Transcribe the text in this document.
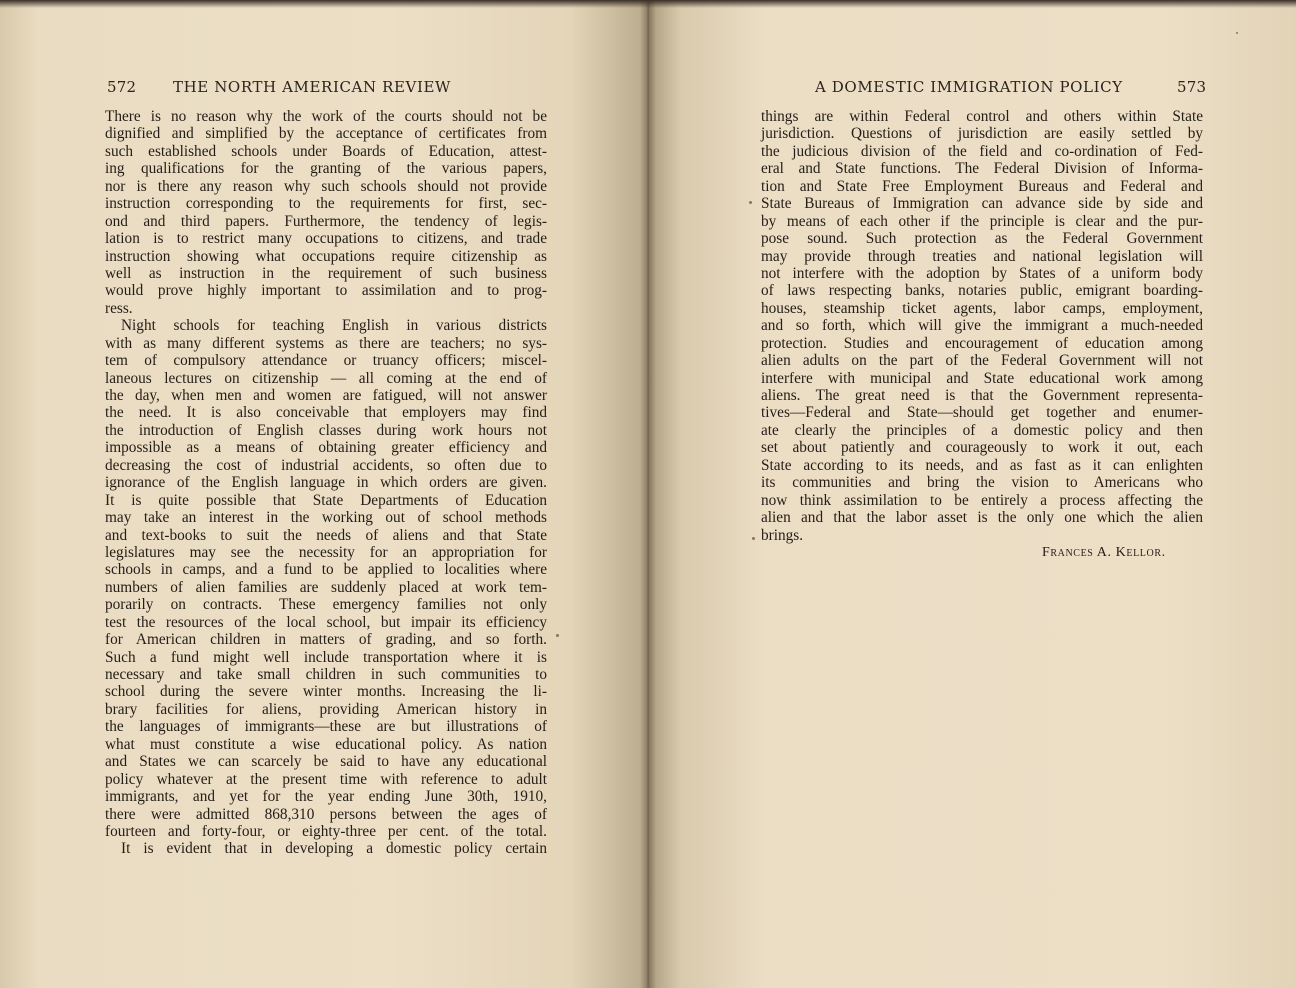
572 THE NORTH AMERICAN REVIEW	A DOMESTIC IMMIGRATION POLICY	573
There is no reason why the work of the courts should not be
dignified and simplified by the acceptance of certificates from
such established schools under Boards of Education, attest-
ing qualifications for the granting of the various papers,
nor is there any reason why such schools should not provide
instruction corresponding to the requirements for first, sec-
ond and third papers. Furthermore, the tendency of legis-
lation is to restrict many occupations to citizens, and trade
instruction showing what occupations require citizenship as
well as instruction in the requirement of such business
would prove highly important to assimilation and to prog-
ress.
Night schools for teaching English in various districts
with as many different systems as there are teachers; no sys-
tem of compulsory attendance or truancy officers; miscel-
laneous lectures on citizenship — all coming at the end of
the day, when men and women are fatigued, will not answer
the need. It is also conceivable that employers may find
the introduction of English classes during work hours not
impossible as a means of obtaining greater efficiency and
decreasing the cost of industrial accidents, so often due to
ignorance of the English language in which orders are given.
It is quite possible that State Departments of Education
may take an interest in the working out of school methods
and text-books to suit the needs of aliens and that State
legislatures may see the necessity for an appropriation for
schools in camps, and a fund to be applied to localities where
numbers of alien families are suddenly placed at work tem-
porarily on contracts. These emergency families not only
test the resources of the local school, but impair its efficiency
for American children in matters of grading, and so forth.
Such a fund might well include transportation where it is
necessary and take small children in such communities to
school during the severe winter months. Increasing the li-
brary facilities for aliens, providing American history in
the languages of immigrants—these are but illustrations of
what must constitute a wise educational policy. As nation
and States we can scarcely be said to have any educational
policy whatever at the present time with reference to adult
immigrants, and yet for the year ending June 30th, 1910,
there were admitted 868,310 persons between the ages of
fourteen and forty-four, or eighty-three per cent. of the total.
It is evident that in developing a domestic policy certain
things are within Federal control and others within State
jurisdiction. Questions of jurisdiction are easily settled by
the judicious division of the field and co-ordination of Fed-
eral and State functions. The Federal Division of Informa-
tion and State Free Employment Bureaus and Federal and
State Bureaus of Immigration can advance side by side and
by means of each other if the principle is clear and the pur-
pose sound. Such protection as the Federal Government
may provide through treaties and national legislation will
not interfere with the adoption by States of a uniform body
of laws respecting banks, notaries public, emigrant boarding-
houses, steamship ticket agents, labor camps, employment,
and so forth, which will give the immigrant a much-needed
protection. Studies and encouragement of education among
alien adults on the part of the Federal Government will not
interfere with municipal and State educational work among
aliens. The great need is that the Government representa-
tives—Federal and State—should get together and enumer-
ate clearly the principles of a domestic policy and then
set about patiently and courageously to work it out, each
State according to its needs, and as fast as it can enlighten
its communities and bring the vision to Americans who
now think assimilation to be entirely a process affecting the
alien and that the labor asset is the only one which the alien
brings.
Frances A. Kellor.
